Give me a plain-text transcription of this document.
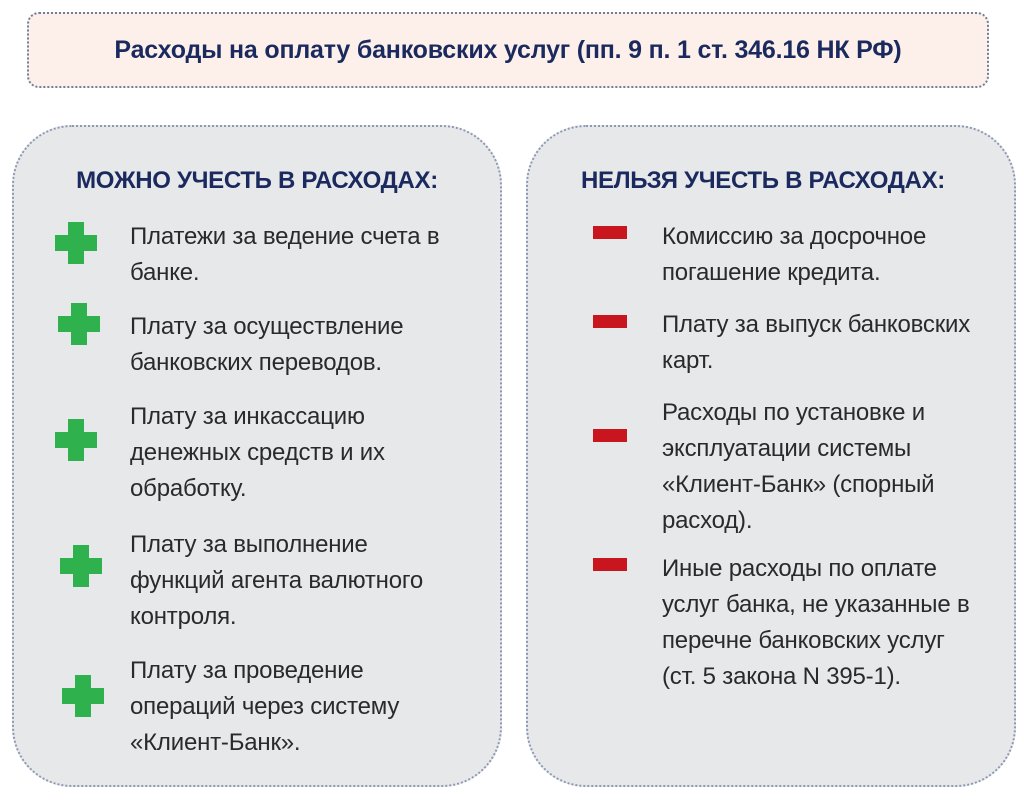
Расходы на оплату банковских услуг (пп. 9 п. 1 ст. 346.16 НК РФ)
МОЖНО УЧЕСТЬ В РАСХОДАХ:
Платежи за ведение счета в банке.
Плату за осуществление банковских переводов.
Плату за инкассацию денежных средств и их обработку.
Плату за выполнение функций агента валютного контроля.
Плату за проведение операций через систему «Клиент-Банк».
НЕЛЬЗЯ УЧЕСТЬ В РАСХОДАХ:
Комиссию за досрочное погашение кредита.
Плату за выпуск банковских карт.
Расходы по установке и эксплуатации системы «Клиент-Банк» (спорный расход).
Иные расходы по оплате услуг банка, не указанные в перечне банковских услуг (ст. 5 закона N 395-1).
